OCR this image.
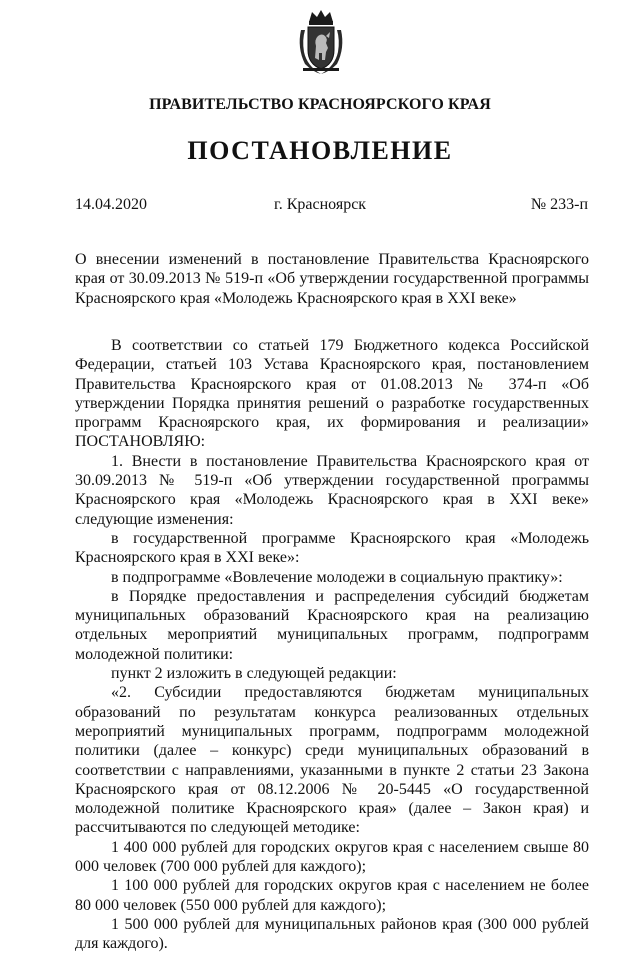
ПРАВИТЕЛЬСТВО КРАСНОЯРСКОГО КРАЯ
ПОСТАНОВЛЕНИЕ
14.04.2020	г. Красноярск	№ 233-п

О внесении изменений в постановление Правительства Красноярского края от 30.09.2013 № 519-п «Об утверждении государственной программы Красноярского края «Молодежь Красноярского края в XXI веке»

В соответствии со статьей 179 Бюджетного кодекса Российской Федерации, статьей 103 Устава Красноярского края, постановлением Правительства Красноярского края от 01.08.2013 № 374-п «Об утверждении Порядка принятия решений о разработке государственных программ Красноярского края, их формирования и реализации» ПОСТАНОВЛЯЮ:

1. Внести в постановление Правительства Красноярского края от 30.09.2013 № 519-п «Об утверждении государственной программы Красноярского края «Молодежь Красноярского края в XXI веке» следующие изменения:

в государственной программе Красноярского края «Молодежь Красноярского края в XXI веке»:

в подпрограмме «Вовлечение молодежи в социальную практику»:

в Порядке предоставления и распределения субсидий бюджетам муниципальных образований Красноярского края на реализацию отдельных мероприятий муниципальных программ, подпрограмм молодежной политики:

пункт 2 изложить в следующей редакции:

«2. Субсидии предоставляются бюджетам муниципальных образований по результатам конкурса реализованных отдельных мероприятий муниципальных программ, подпрограмм молодежной политики (далее – конкурс) среди муниципальных образований в соответствии с направлениями, указанными в пункте 2 статьи 23 Закона Красноярского края от 08.12.2006 № 20-5445 «О государственной молодежной политике Красноярского края» (далее – Закон края) и рассчитываются по следующей методике:

1 400 000 рублей для городских округов края с населением свыше 80 000 человек (700 000 рублей для каждого);

1 100 000 рублей для городских округов края с населением не более 80 000 человек (550 000 рублей для каждого);

1 500 000 рублей для муниципальных районов края (300 000 рублей для каждого).
